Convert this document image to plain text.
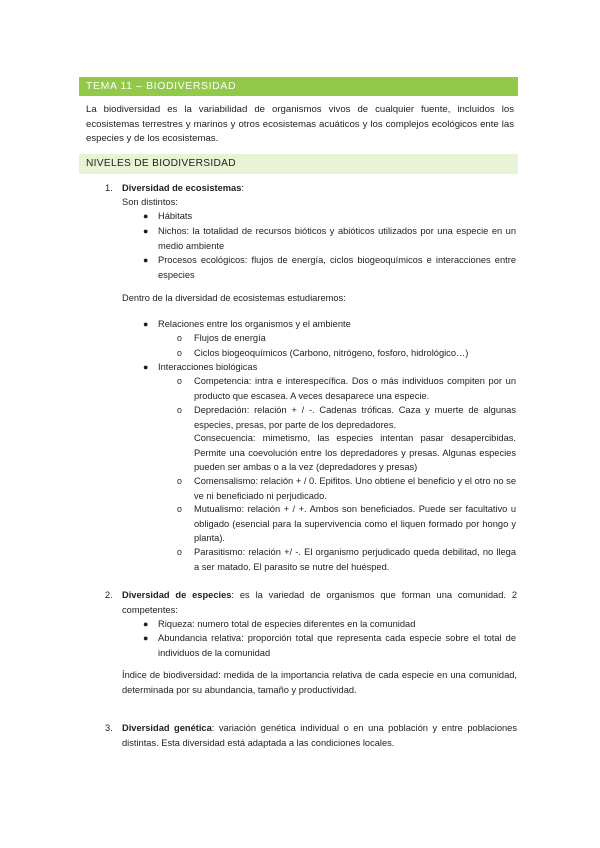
TEMA 11 – BIODIVERSIDAD
La biodiversidad es la variabilidad de organismos vivos de cualquier fuente, incluidos los ecosistemas terrestres y marinos y otros ecosistemas acuáticos y los complejos ecológicos ente las especies y de los ecosistemas.
NIVELES DE BIODIVERSIDAD
1. Diversidad de ecosistemas:
Son distintos:
● Hábitats
● Nichos: la totalidad de recursos bióticos y abióticos utilizados por una especie en un medio ambiente
● Procesos ecológicos: flujos de energía, ciclos biogeoquímicos e interacciones entre especies
Dentro de la diversidad de ecosistemas estudiaremos:
● Relaciones entre los organismos y el ambiente
o Flujos de energía
o Ciclos biogeoquímicos (Carbono, nitrógeno, fosforo, hidrológico…)
● Interacciones biológicas
o Competencia: intra e interespecífica. Dos o más individuos compiten por un producto que escasea. A veces desaparece una especie.
o Depredación: relación + / -. Cadenas tróficas. Caza y muerte de algunas especies, presas, por parte de los depredadores.
Consecuencia: mimetismo, las especies intentan pasar desapercibidas. Permite una coevolución entre los depredadores y presas. Algunas especies pueden ser ambas o a la vez (depredadores y presas)
o Comensalismo: relación + / 0. Epifitos. Uno obtiene el beneficio y el otro no se ve ni beneficiado ni perjudicado.
o Mutualismo: relación + / +. Ambos son beneficiados. Puede ser facultativo u obligado (esencial para la supervivencia como el liquen formado por hongo y planta).
o Parasitismo: relación +/ -. El organismo perjudicado queda debilitad, no llega a ser matado. El parasito se nutre del huésped.
2. Diversidad de especies: es la variedad de organismos que forman una comunidad. 2 competentes:
● Riqueza: numero total de especies diferentes en la comunidad
● Abundancia relativa: proporción total que representa cada especie sobre el total de individuos de la comunidad
Índice de biodiversidad: medida de la importancia relativa de cada especie en una comunidad, determinada por su abundancia, tamaño y productividad.
3. Diversidad genética: variación genética individual o en una población y entre poblaciones distintas. Esta diversidad está adaptada a las condiciones locales.
